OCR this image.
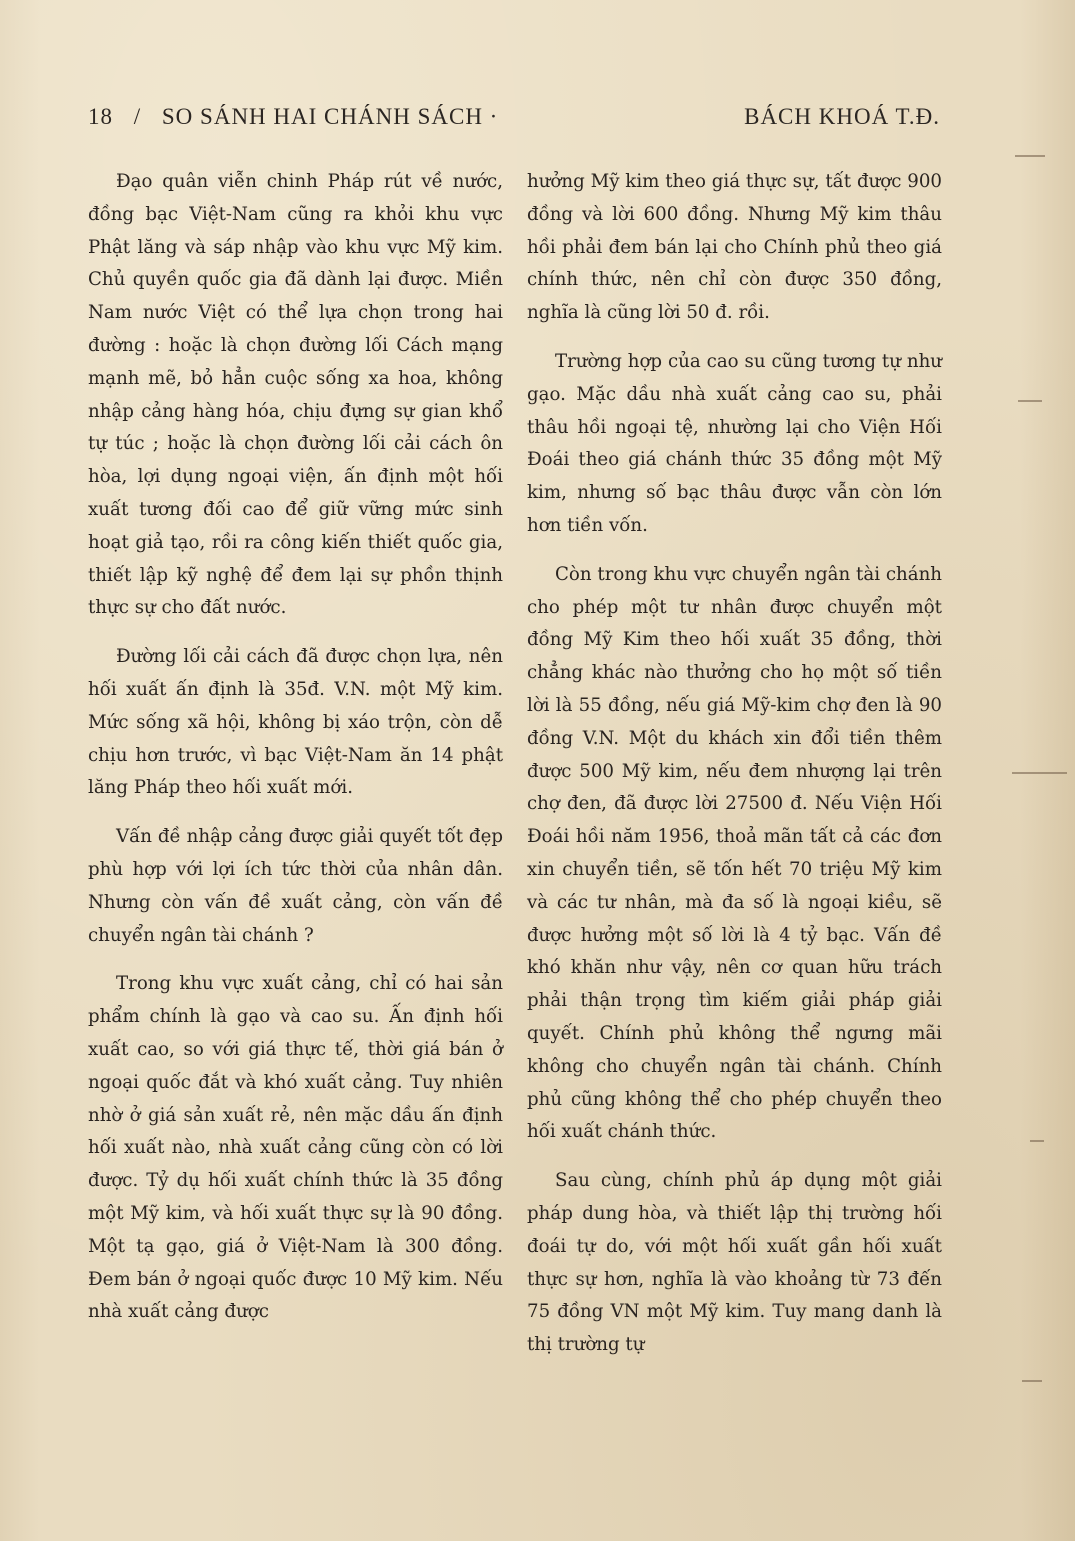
18 / SO SÁNH HAI CHÁNH SÁCH ·	BÁCH KHOÁ T.Đ.

Đạo quân viễn chinh Pháp rút về nước, đồng bạc Việt-Nam cũng ra khỏi khu vực Phật lăng và sáp nhập vào khu vực Mỹ kim. Chủ quyền quốc gia đã dành lại được. Miền Nam nước Việt có thể lựa chọn trong hai đường : hoặc là chọn đường lối Cách mạng mạnh mẽ, bỏ hẳn cuộc sống xa hoa, không nhập cảng hàng hóa, chịu đựng sự gian khổ tự túc ; hoặc là chọn đường lối cải cách ôn hòa, lợi dụng ngoại viện, ấn định một hối xuất tương đối cao để giữ vững mức sinh hoạt giả tạo, rồi ra công kiến thiết quốc gia, thiết lập kỹ nghệ để đem lại sự phồn thịnh thực sự cho đất nước.

Đường lối cải cách đã được chọn lựa, nên hối xuất ấn định là 35đ. V.N. một Mỹ kim. Mức sống xã hội, không bị xáo trộn, còn dễ chịu hơn trước, vì bạc Việt-Nam ăn 14 phật lăng Pháp theo hối xuất mới.

Vấn đề nhập cảng được giải quyết tốt đẹp phù hợp với lợi ích tức thời của nhân dân. Nhưng còn vấn đề xuất cảng, còn vấn đề chuyển ngân tài chánh ?

Trong khu vực xuất cảng, chỉ có hai sản phẩm chính là gạo và cao su. Ấn định hối xuất cao, so với giá thực tế, thời giá bán ở ngoại quốc đắt và khó xuất cảng. Tuy nhiên nhờ ở giá sản xuất rẻ, nên mặc dầu ấn định hối xuất nào, nhà xuất cảng cũng còn có lời được. Tỷ dụ hối xuất chính thức là 35 đồng một Mỹ kim, và hối xuất thực sự là 90 đồng. Một tạ gạo, giá ở Việt-Nam là 300 đồng. Đem bán ở ngoại quốc được 10 Mỹ kim. Nếu nhà xuất cảng được

hưởng Mỹ kim theo giá thực sự, tất được 900 đồng và lời 600 đồng. Nhưng Mỹ kim thâu hồi phải đem bán lại cho Chính phủ theo giá chính thức, nên chỉ còn được 350 đồng, nghĩa là cũng lời 50 đ. rồi.

Trường hợp của cao su cũng tương tự như gạo. Mặc dầu nhà xuất cảng cao su, phải thâu hồi ngoại tệ, nhường lại cho Viện Hối Đoái theo giá chánh thức 35 đồng một Mỹ kim, nhưng số bạc thâu được vẫn còn lớn hơn tiền vốn.

Còn trong khu vực chuyển ngân tài chánh cho phép một tư nhân được chuyển một đồng Mỹ Kim theo hối xuất 35 đồng, thời chẳng khác nào thưởng cho họ một số tiền lời là 55 đồng, nếu giá Mỹ-kim chợ đen là 90 đồng V.N. Một du khách xin đổi tiền thêm được 500 Mỹ kim, nếu đem nhượng lại trên chợ đen, đã được lời 27500 đ. Nếu Viện Hối Đoái hồi năm 1956, thoả mãn tất cả các đơn xin chuyển tiền, sẽ tốn hết 70 triệu Mỹ kim và các tư nhân, mà đa số là ngoại kiều, sẽ được hưởng một số lời là 4 tỷ bạc. Vấn đề khó khăn như vậy, nên cơ quan hữu trách phải thận trọng tìm kiếm giải pháp giải quyết. Chính phủ không thể ngưng mãi không cho chuyển ngân tài chánh. Chính phủ cũng không thể cho phép chuyển theo hối xuất chánh thức.

Sau cùng, chính phủ áp dụng một giải pháp dung hòa, và thiết lập thị trường hối đoái tự do, với một hối xuất gần hối xuất thực sự hơn, nghĩa là vào khoảng từ 73 đến 75 đồng VN một Mỹ kim. Tuy mang danh là thị trường tự
